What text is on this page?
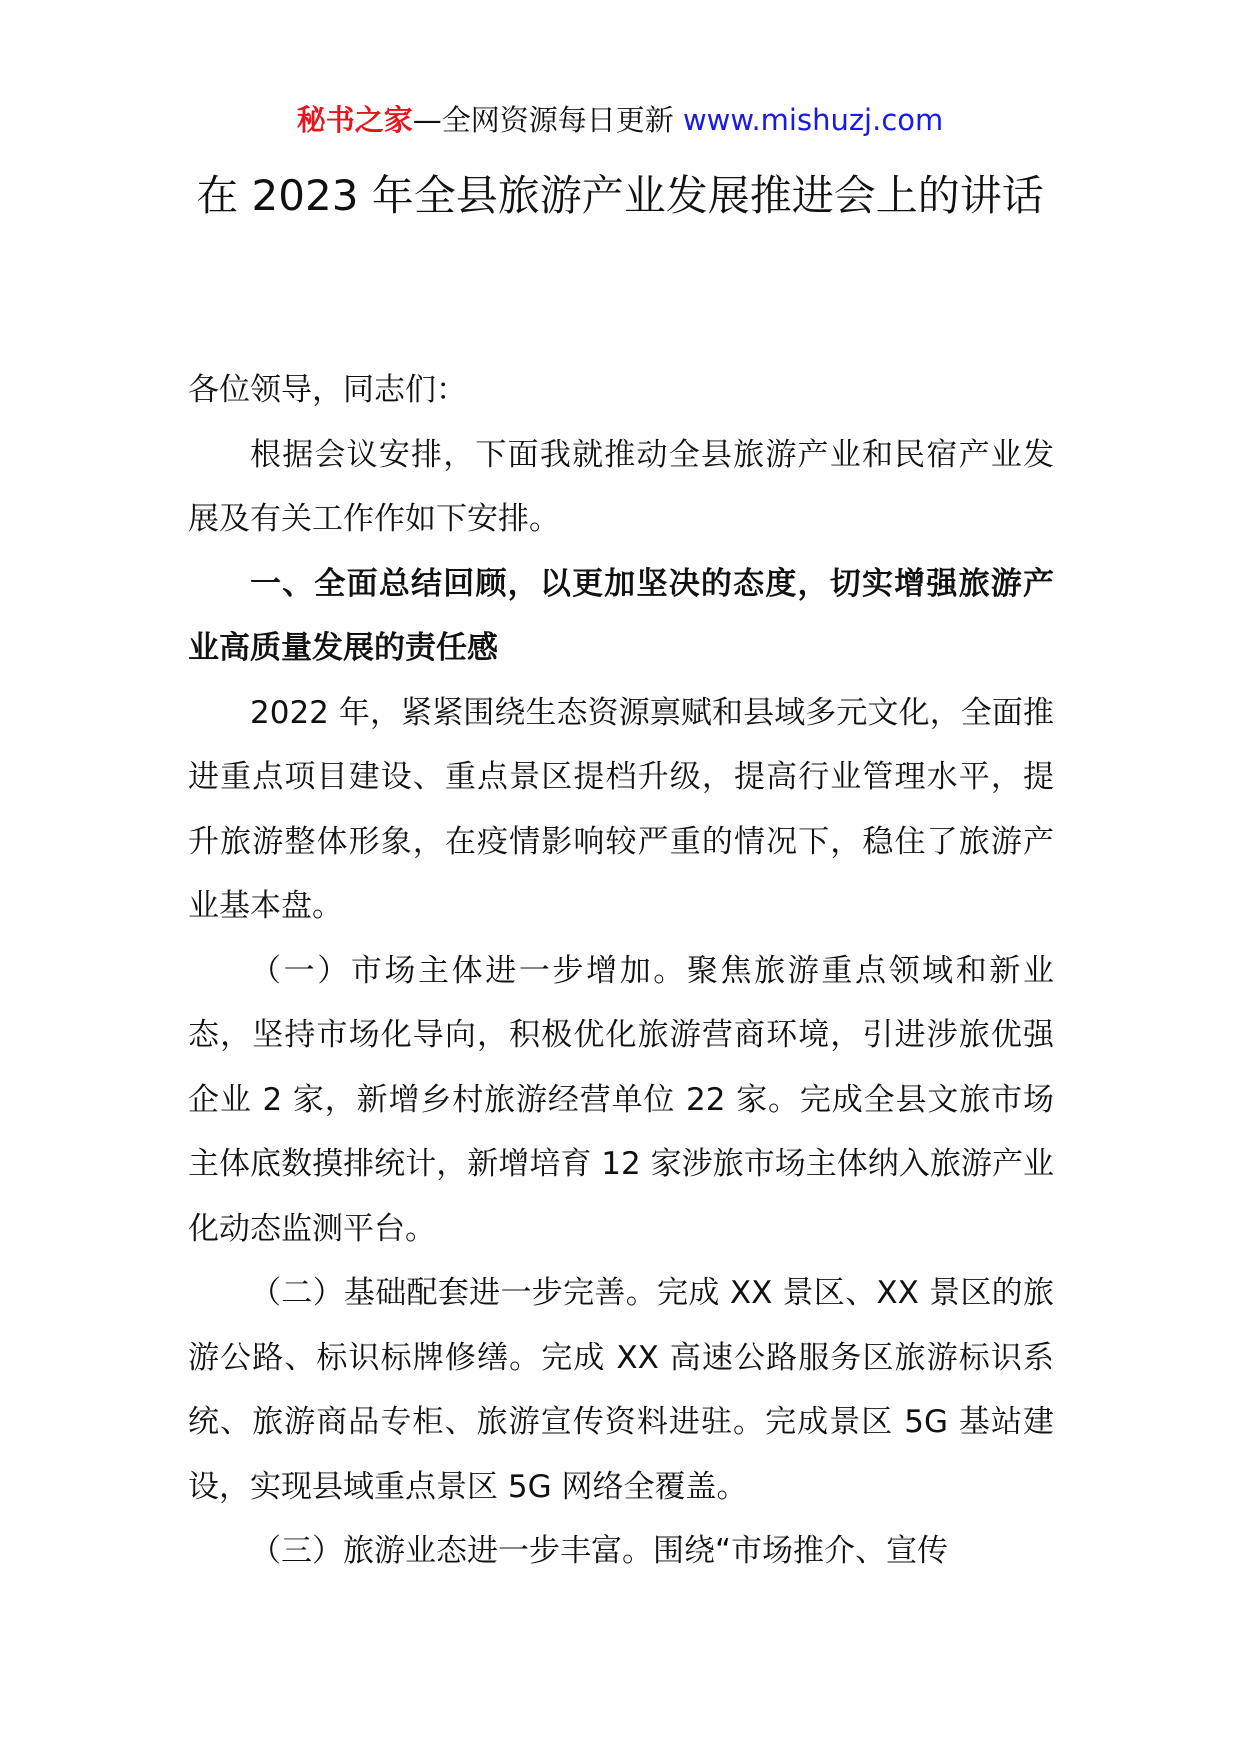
秘书之家—全网资源每日更新 www.mishuzj.com
在 2023 年全县旅游产业发展推进会上的讲话

各位领导，同志们：

根据会议安排，下面我就推动全县旅游产业和民宿产业发展及有关工作作如下安排。

一、全面总结回顾，以更加坚决的态度，切实增强旅游产业高质量发展的责任感

2022 年，紧紧围绕生态资源禀赋和县域多元文化，全面推进重点项目建设、重点景区提档升级，提高行业管理水平，提升旅游整体形象，在疫情影响较严重的情况下，稳住了旅游产业基本盘。

（一）市场主体进一步增加。聚焦旅游重点领域和新业态，坚持市场化导向，积极优化旅游营商环境，引进涉旅优强企业 2 家，新增乡村旅游经营单位 22 家。完成全县文旅市场主体底数摸排统计，新增培育 12 家涉旅市场主体纳入旅游产业化动态监测平台。

（二）基础配套进一步完善。完成 XX 景区、XX 景区的旅游公路、标识标牌修缮。完成 XX 高速公路服务区旅游标识系统、旅游商品专柜、旅游宣传资料进驻。完成景区 5G 基站建设，实现县域重点景区 5G 网络全覆盖。

（三）旅游业态进一步丰富。围绕“市场推介、宣传
